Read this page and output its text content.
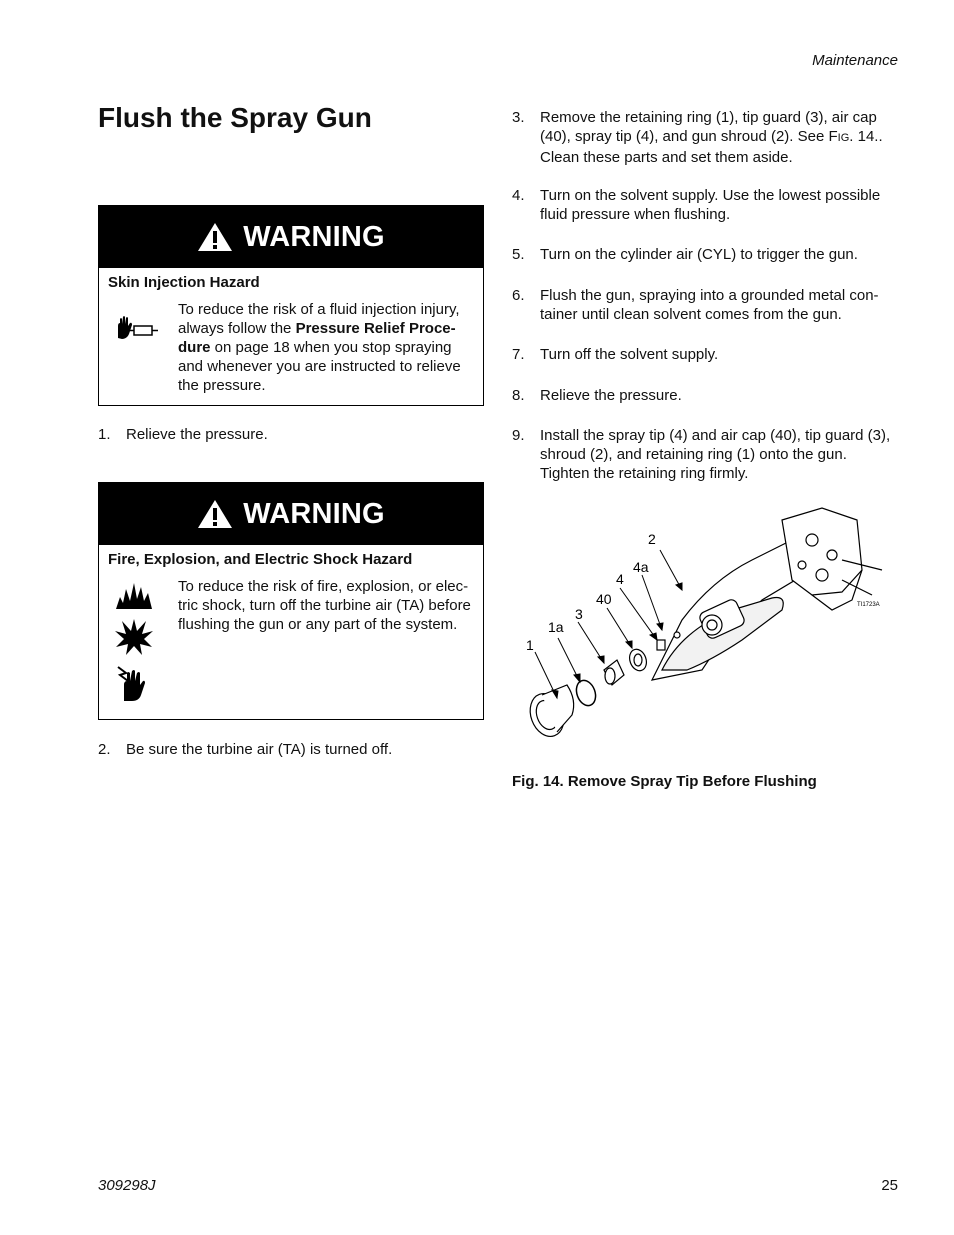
Maintenance
Flush the Spray Gun
WARNING
Skin Injection Hazard
To reduce the risk of a fluid injection injury, always follow the Pressure Relief Proce-dure on page 18 when you stop spraying and whenever you are instructed to relieve the pressure.
1. Relieve the pressure.
WARNING
Fire, Explosion, and Electric Shock Hazard
To reduce the risk of fire, explosion, or elec-tric shock, turn off the turbine air (TA) before flushing the gun or any part of the system.
2. Be sure the turbine air (TA) is turned off.
3. Remove the retaining ring (1), tip guard (3), air cap (40), spray tip (4), and gun shroud (2). See FIG. 14.. Clean these parts and set them aside.
4. Turn on the solvent supply. Use the lowest possible fluid pressure when flushing.
5. Turn on the cylinder air (CYL) to trigger the gun.
6. Flush the gun, spraying into a grounded metal con-tainer until clean solvent comes from the gun.
7. Turn off the solvent supply.
8. Relieve the pressure.
9. Install the spray tip (4) and air cap (40), tip guard (3), shroud (2), and retaining ring (1) onto the gun. Tighten the retaining ring firmly.
2
4a
4
40
3
1a
1
TI1723A
Fig. 14. Remove Spray Tip Before Flushing
309298J	25
